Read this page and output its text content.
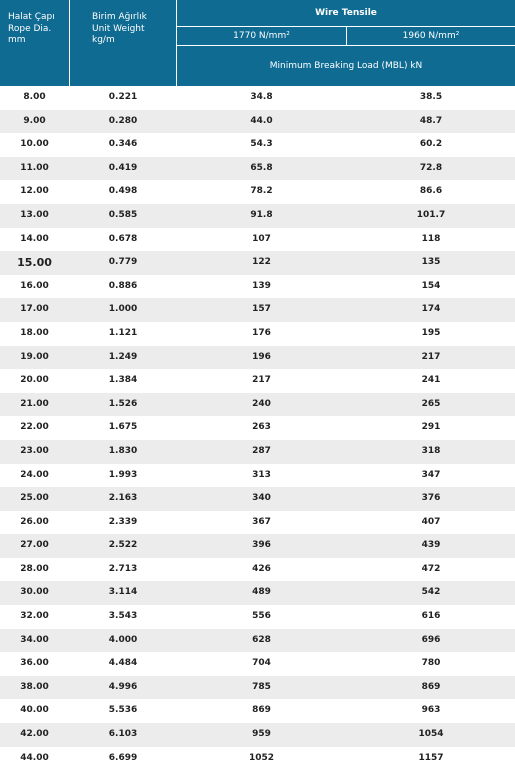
Halat Çapı
Rope Dia.
mm
Birim Ağırlık
Unit Weight
kg/m
Wire Tensile
1770 N/mm²	1960 N/mm²
Minimum Breaking Load (MBL) kN
8.00	0.221	34.8	38.5
9.00	0.280	44.0	48.7
10.00	0.346	54.3	60.2
11.00	0.419	65.8	72.8
12.00	0.498	78.2	86.6
13.00	0.585	91.8	101.7
14.00	0.678	107	118
15.00	0.779	122	135
16.00	0.886	139	154
17.00	1.000	157	174
18.00	1.121	176	195
19.00	1.249	196	217
20.00	1.384	217	241
21.00	1.526	240	265
22.00	1.675	263	291
23.00	1.830	287	318
24.00	1.993	313	347
25.00	2.163	340	376
26.00	2.339	367	407
27.00	2.522	396	439
28.00	2.713	426	472
30.00	3.114	489	542
32.00	3.543	556	616
34.00	4.000	628	696
36.00	4.484	704	780
38.00	4.996	785	869
40.00	5.536	869	963
42.00	6.103	959	1054
44.00	6.699	1052	1157
